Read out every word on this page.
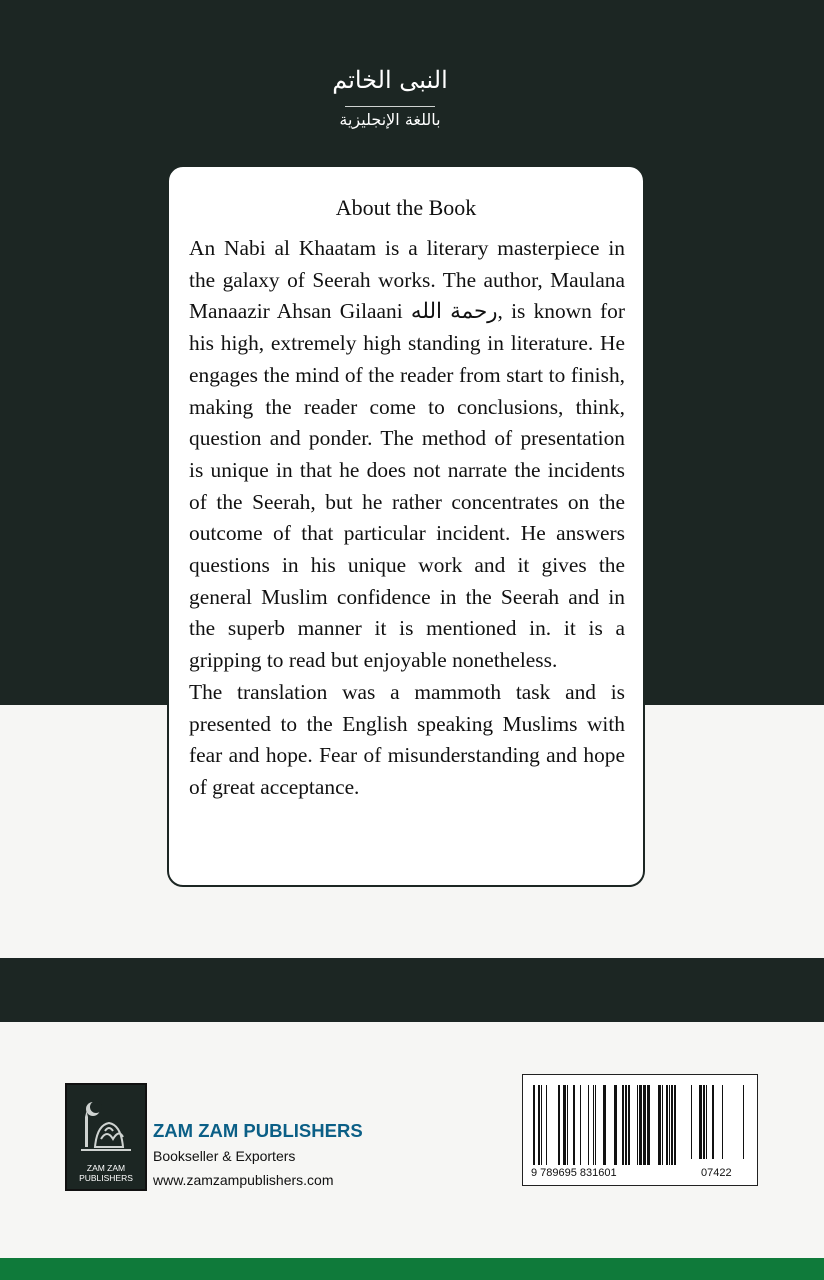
النبى الخاتم
باللغة الإنجليزية
About the Book

An Nabi al Khaatam is a literary masterpiece in the galaxy of Seerah works. The author, Maulana Manaazir Ahsan Gilaani رحمة الله, is known for his high, extremely high standing in literature. He engages the mind of the reader from start to finish, making the reader come to conclusions, think, question and ponder. The method of presentation is unique in that he does not narrate the incidents of the Seerah, but he rather concentrates on the outcome of that particular incident. He answers questions in his unique work and it gives the general Muslim confidence in the Seerah and in the superb manner it is mentioned in. it is a gripping to read but enjoyable nonetheless.

The translation was a mammoth task and is presented to the English speaking Muslims with fear and hope. Fear of misunderstanding and hope of great acceptance.

ZAM ZAM
PUBLISHERS
ZAM ZAM PUBLISHERS
Bookseller & Exporters
www.zamzampublishers.com	9 789695 831601	07422
